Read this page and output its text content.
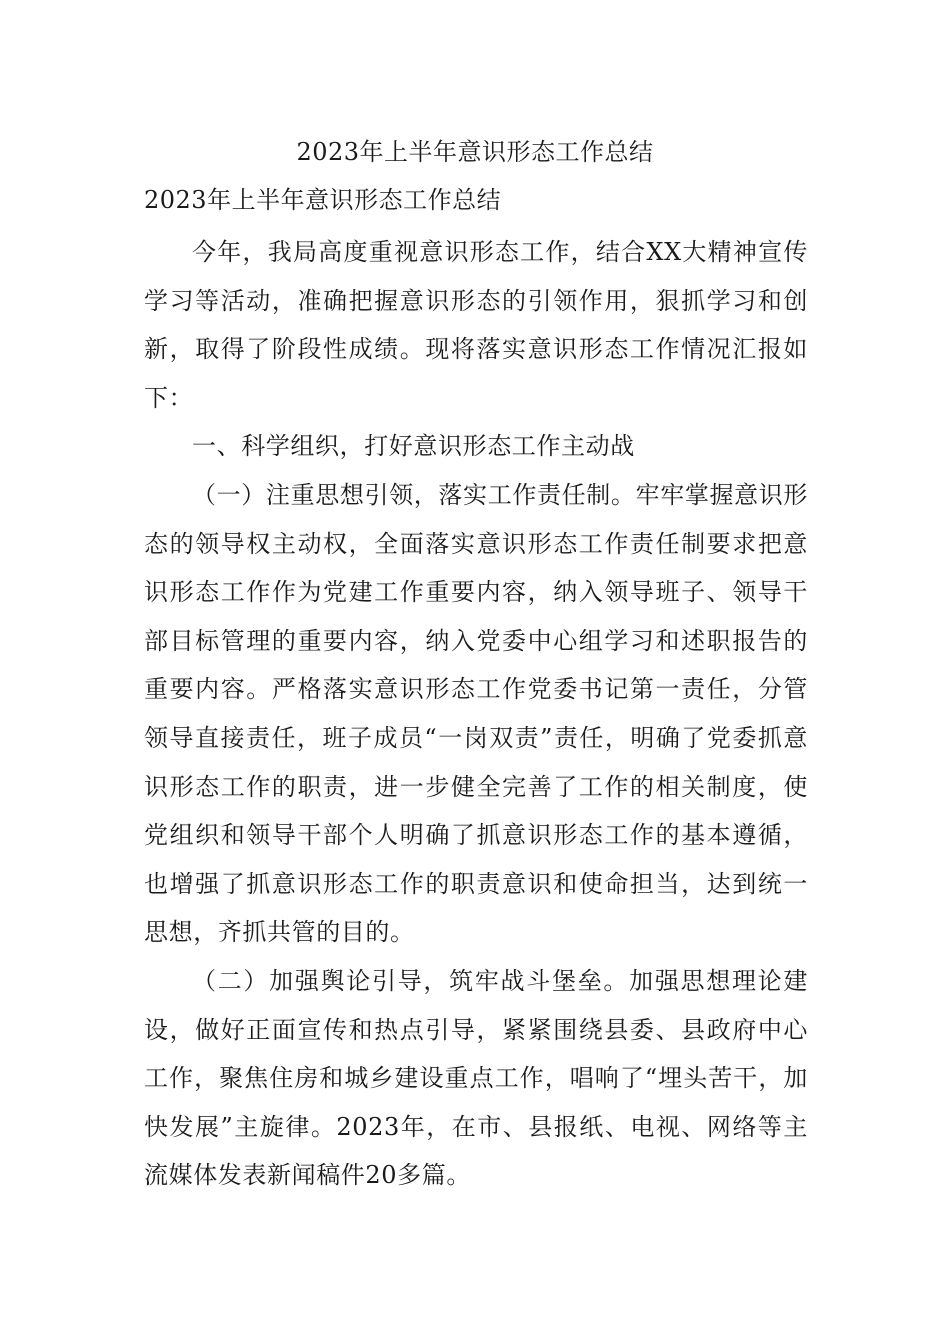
2023年上半年意识形态工作总结
2023年上半年意识形态工作总结

今年，我局高度重视意识形态工作，结合XX大精神宣传学习等活动，准确把握意识形态的引领作用，狠抓学习和创新，取得了阶段性成绩。现将落实意识形态工作情况汇报如下：

一、科学组织，打好意识形态工作主动战

（一）注重思想引领，落实工作责任制。牢牢掌握意识形态的领导权主动权，全面落实意识形态工作责任制要求把意识形态工作作为党建工作重要内容，纳入领导班子、领导干部目标管理的重要内容，纳入党委中心组学习和述职报告的重要内容。严格落实意识形态工作党委书记第一责任，分管领导直接责任，班子成员“一岗双责”责任，明确了党委抓意识形态工作的职责，进一步健全完善了工作的相关制度，使党组织和领导干部个人明确了抓意识形态工作的基本遵循，也增强了抓意识形态工作的职责意识和使命担当，达到统一思想，齐抓共管的目的。

（二）加强舆论引导，筑牢战斗堡垒。加强思想理论建设，做好正面宣传和热点引导，紧紧围绕县委、县政府中心工作，聚焦住房和城乡建设重点工作，唱响了“埋头苦干，加快发展”主旋律。2023年，在市、县报纸、电视、网络等主流媒体发表新闻稿件20多篇。
